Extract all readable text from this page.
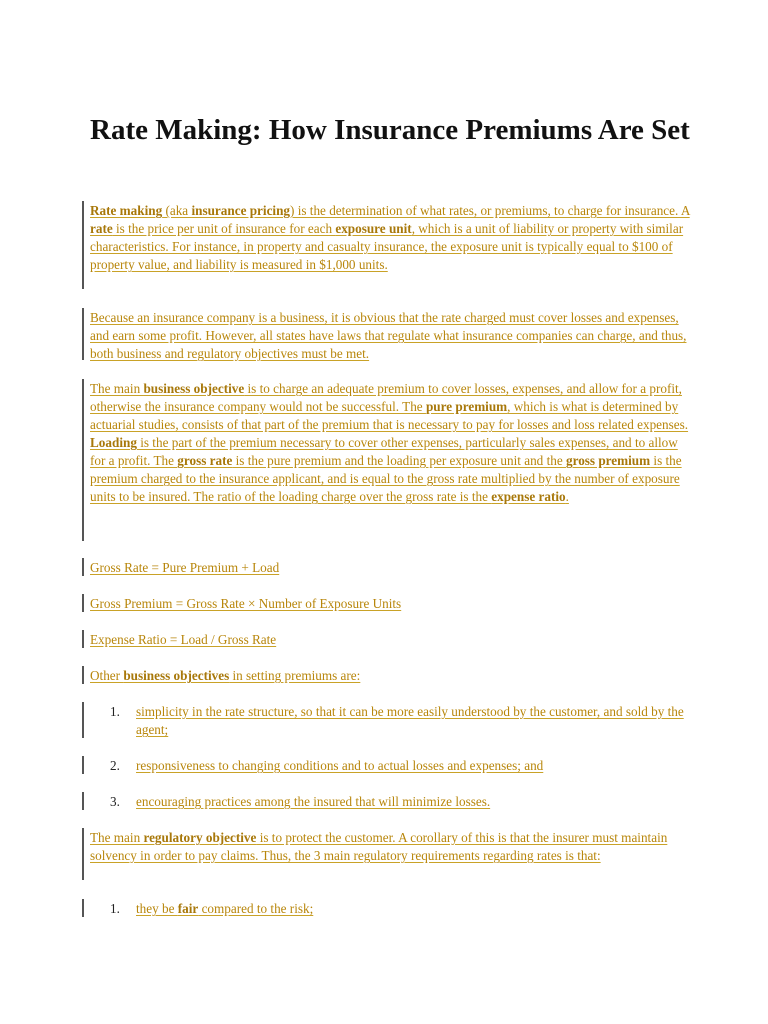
Rate Making: How Insurance Premiums Are Set
Rate making (aka insurance pricing) is the determination of what rates, or premiums, to charge for insurance. A rate is the price per unit of insurance for each exposure unit, which is a unit of liability or property with similar characteristics. For instance, in property and casualty insurance, the exposure unit is typically equal to $100 of property value, and liability is measured in $1,000 units.
Because an insurance company is a business, it is obvious that the rate charged must cover losses and expenses, and earn some profit. However, all states have laws that regulate what insurance companies can charge, and thus, both business and regulatory objectives must be met.
The main business objective is to charge an adequate premium to cover losses, expenses, and allow for a profit, otherwise the insurance company would not be successful. The pure premium, which is what is determined by actuarial studies, consists of that part of the premium that is necessary to pay for losses and loss related expenses. Loading is the part of the premium necessary to cover other expenses, particularly sales expenses, and to allow for a profit. The gross rate is the pure premium and the loading per exposure unit and the gross premium is the premium charged to the insurance applicant, and is equal to the gross rate multiplied by the number of exposure units to be insured. The ratio of the loading charge over the gross rate is the expense ratio.
Gross Rate = Pure Premium + Load
Gross Premium = Gross Rate × Number of Exposure Units
Expense Ratio = Load / Gross Rate
Other business objectives in setting premiums are:
1. simplicity in the rate structure, so that it can be more easily understood by the customer, and sold by the agent;
2. responsiveness to changing conditions and to actual losses and expenses; and
3. encouraging practices among the insured that will minimize losses.
The main regulatory objective is to protect the customer. A corollary of this is that the insurer must maintain solvency in order to pay claims. Thus, the 3 main regulatory requirements regarding rates is that:
1. they be fair compared to the risk;
